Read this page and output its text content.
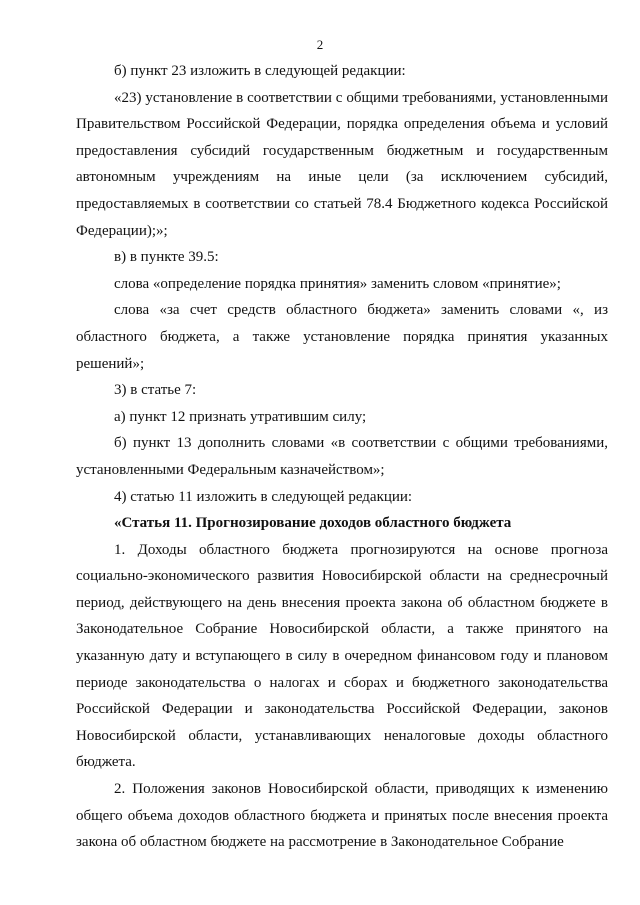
2

б) пункт 23 изложить в следующей редакции:

«23) установление в соответствии с общими требованиями, установленными Правительством Российской Федерации, порядка определения объема и условий предоставления субсидий государственным бюджетным и государственным автономным учреждениям на иные цели (за исключением субсидий, предоставляемых в соответствии со статьей 78.4 Бюджетного кодекса Российской Федерации);»;

в) в пункте 39.5:

слова «определение порядка принятия» заменить словом «принятие»;

слова «за счет средств областного бюджета» заменить словами «, из областного бюджета, а также установление порядка принятия указанных решений»;

3) в статье 7:

а) пункт 12 признать утратившим силу;

б) пункт 13 дополнить словами «в соответствии с общими требованиями, установленными Федеральным казначейством»;

4) статью 11 изложить в следующей редакции:

«Статья 11. Прогнозирование доходов областного бюджета

1. Доходы областного бюджета прогнозируются на основе прогноза социально-экономического развития Новосибирской области на среднесрочный период, действующего на день внесения проекта закона об областном бюджете в Законодательное Собрание Новосибирской области, а также принятого на указанную дату и вступающего в силу в очередном финансовом году и плановом периоде законодательства о налогах и сборах и бюджетного законодательства Российской Федерации и законодательства Российской Федерации, законов Новосибирской области, устанавливающих неналоговые доходы областного бюджета.

2. Положения законов Новосибирской области, приводящих к изменению общего объема доходов областного бюджета и принятых после внесения проекта закона об областном бюджете на рассмотрение в Законодательное Собрание
